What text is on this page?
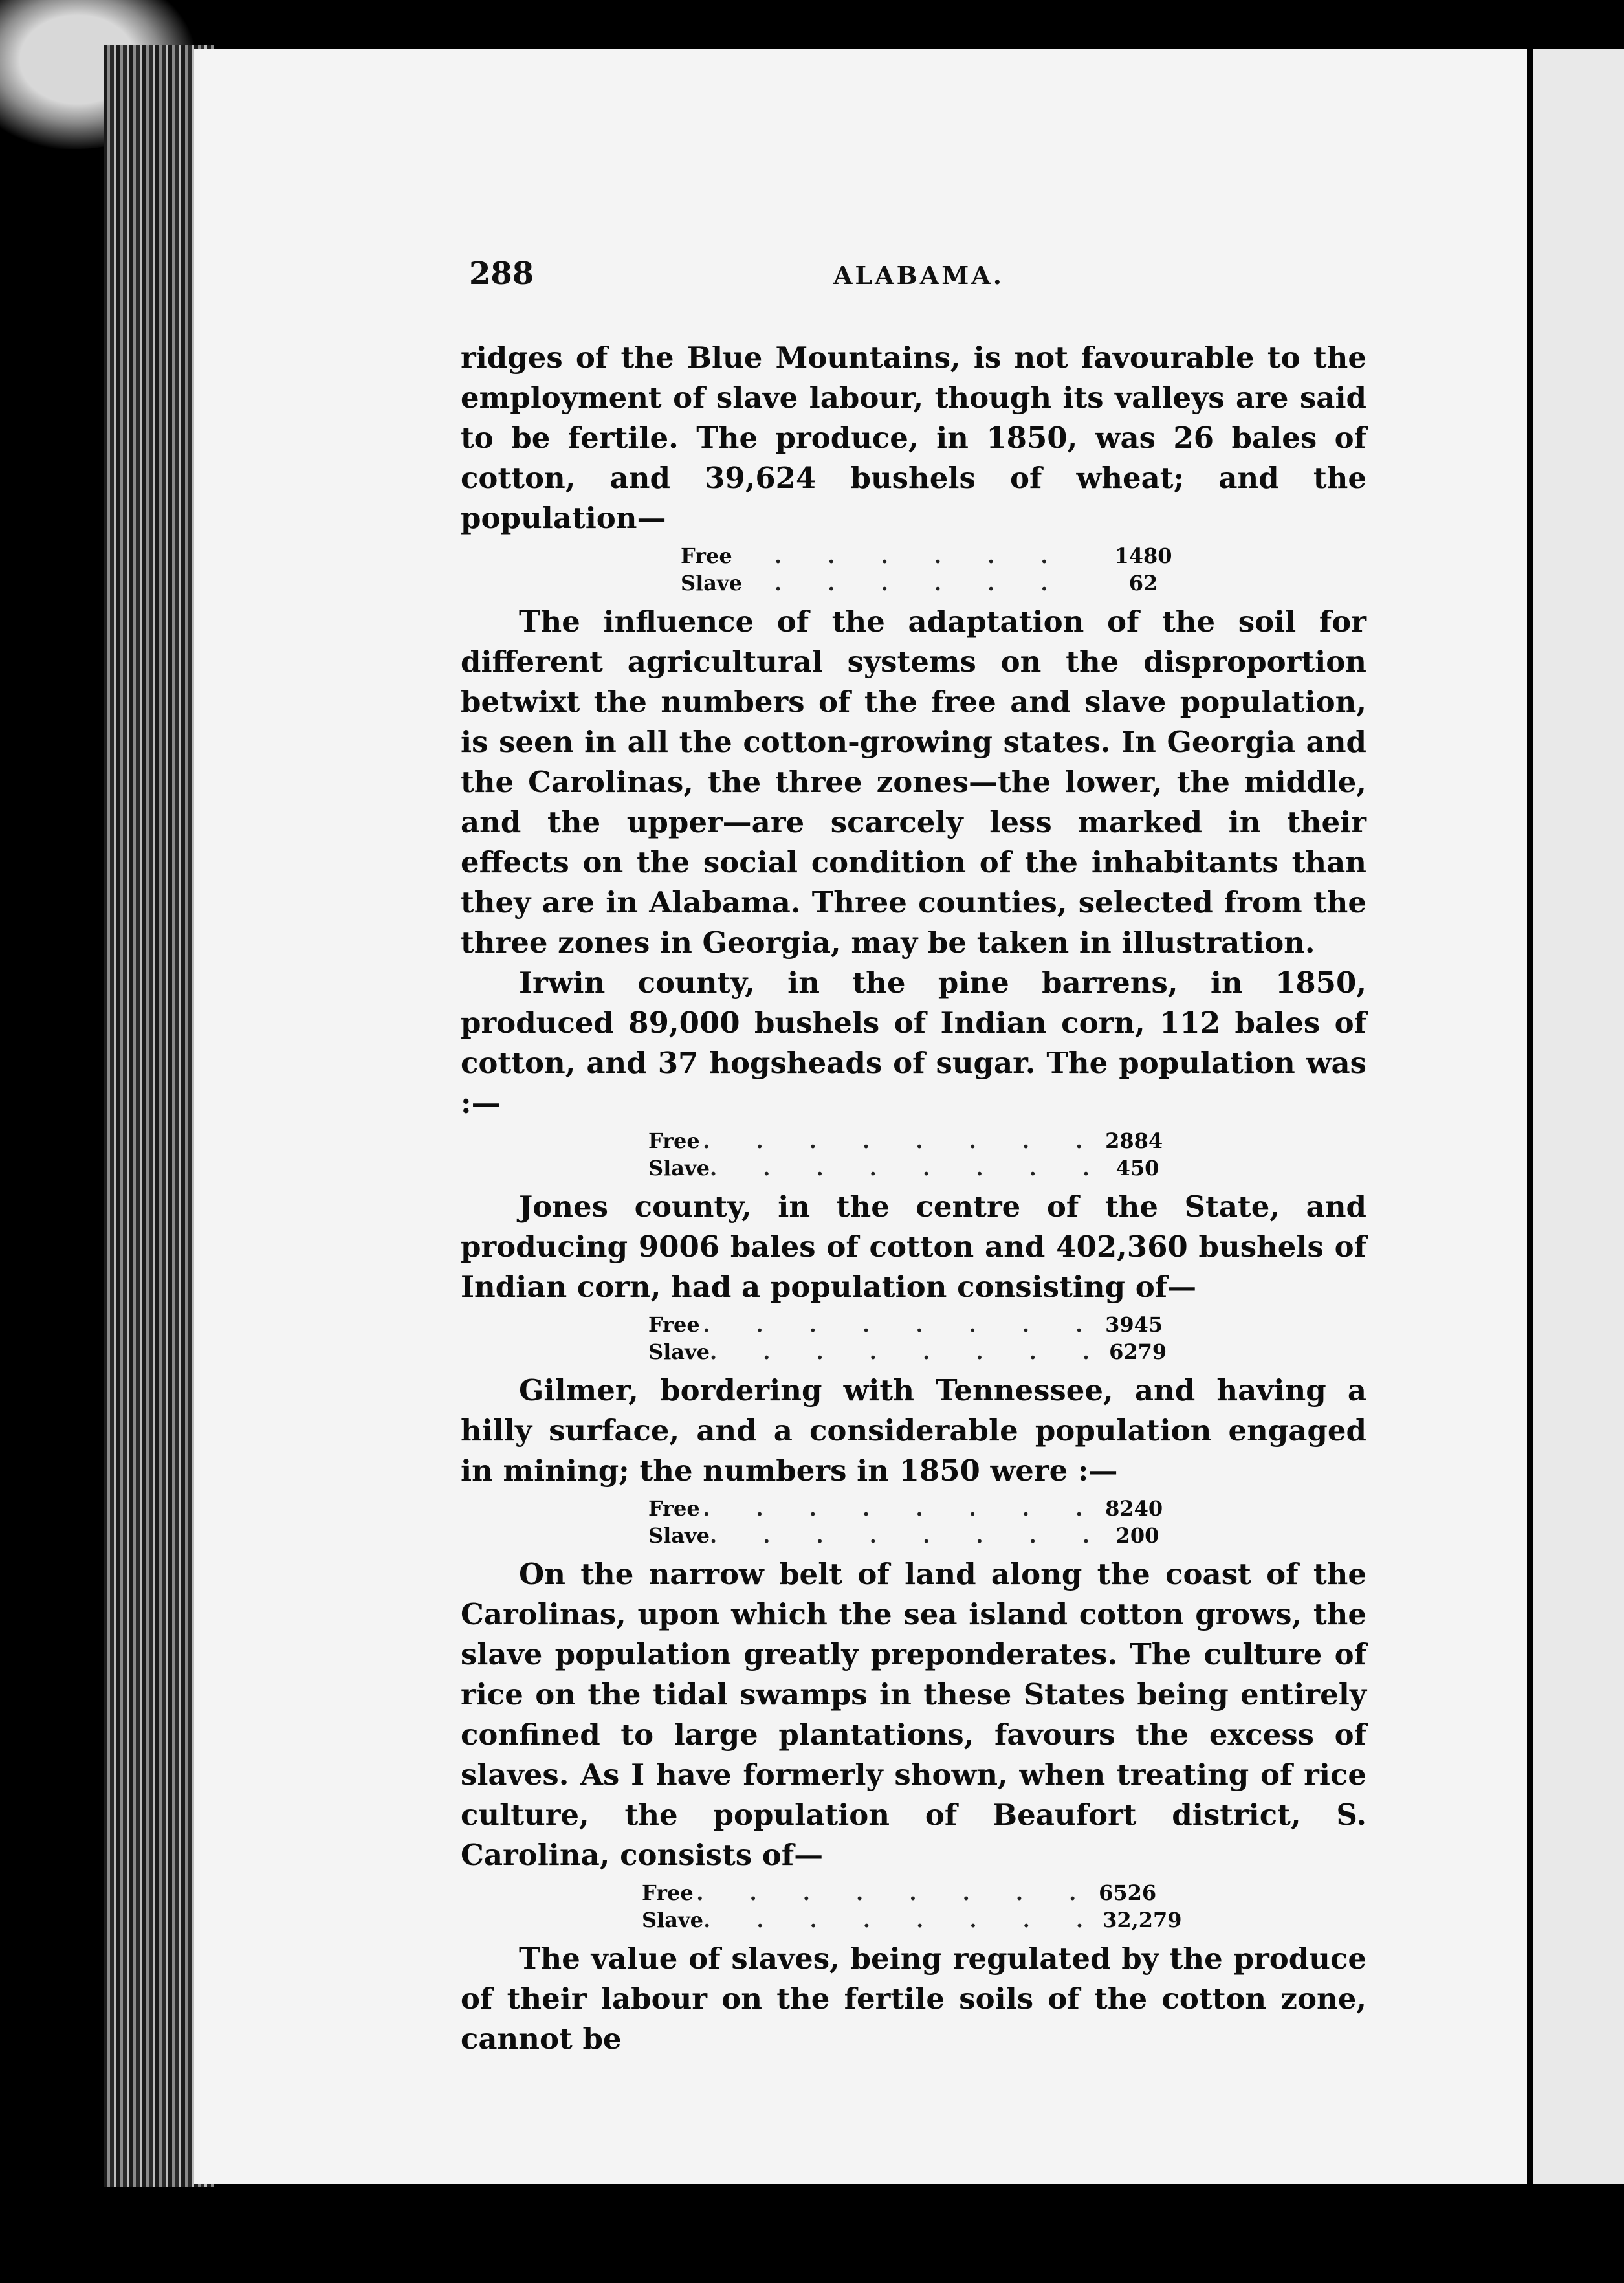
288	ALABAMA.

ridges of the Blue Mountains, is not favourable to the employment of slave labour, though its valleys are said to be fertile. The produce, in 1850, was 26 bales of cotton, and 39,624 bushels of wheat; and the population—

Free	. . . . . .	1480
Slave	. . . . . .	62

The influence of the adaptation of the soil for different agricultural systems on the disproportion betwixt the numbers of the free and slave population, is seen in all the cotton-growing states. In Georgia and the Carolinas, the three zones—the lower, the middle, and the upper—are scarcely less marked in their effects on the social condition of the inhabitants than they are in Alabama. Three counties, selected from the three zones in Georgia, may be taken in illustration.

Irwin county, in the pine barrens, in 1850, produced 89,000 bushels of Indian corn, 112 bales of cotton, and 37 hogsheads of sugar. The population was :—

Free . . . . . . . . 2884
Slave . . . . . . . . 450

Jones county, in the centre of the State, and producing 9006 bales of cotton and 402,360 bushels of Indian corn, had a population consisting of—

Free . . . . . . . . 3945
Slave . . . . . . . . 6279

Gilmer, bordering with Tennessee, and having a hilly surface, and a considerable population engaged in mining; the numbers in 1850 were :—

Free . . . . . . . . 8240
Slave . . . . . . . . 200

On the narrow belt of land along the coast of the Carolinas, upon which the sea island cotton grows, the slave population greatly preponderates. The culture of rice on the tidal swamps in these States being entirely confined to large plantations, favours the excess of slaves. As I have formerly shown, when treating of rice culture, the population of Beaufort district, S. Carolina, consists of—

Free . . . . . . . . 6526
Slave . . . . . . . . 32,279

The value of slaves, being regulated by the produce of their labour on the fertile soils of the cotton zone, cannot be
